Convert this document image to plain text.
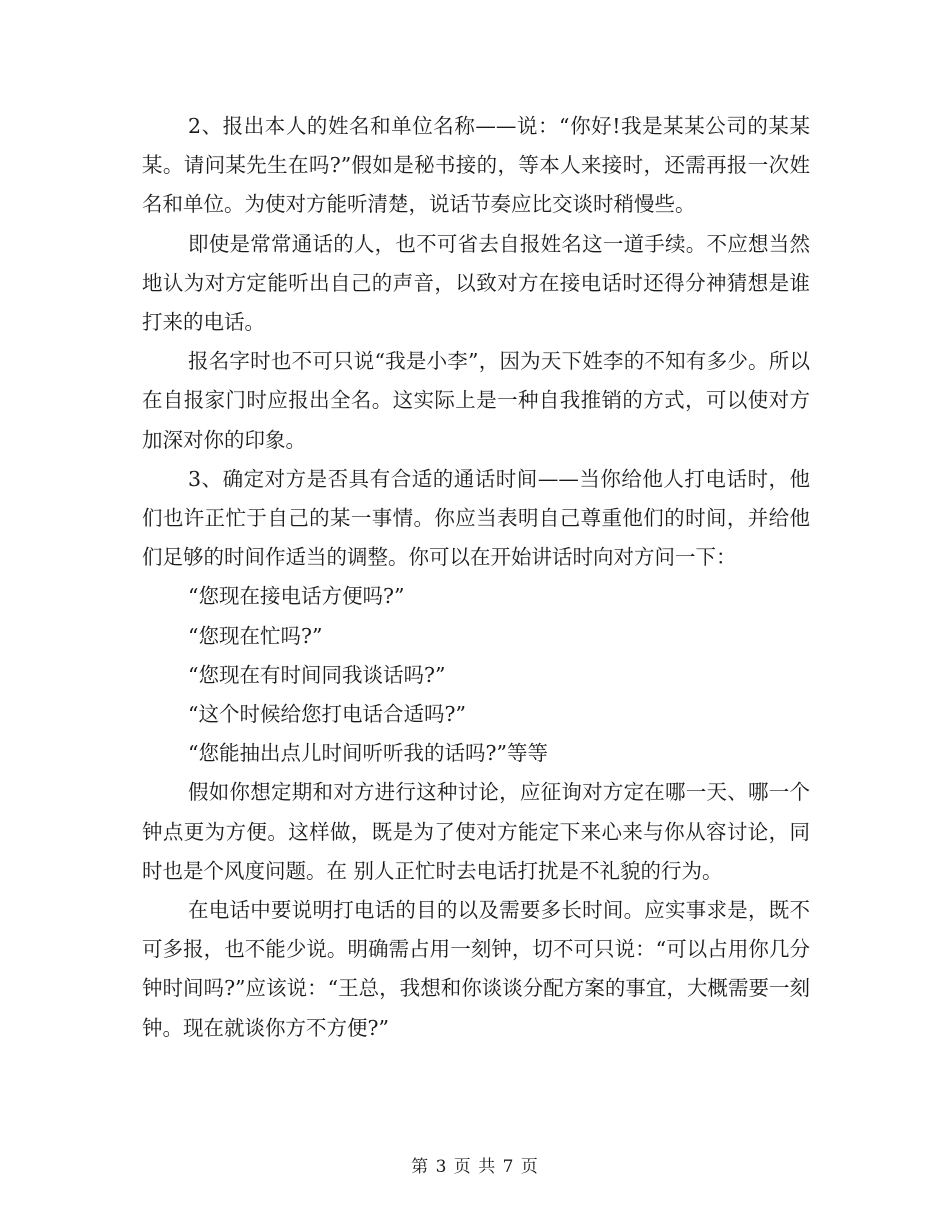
2、报出本人的姓名和单位名称——说：“你好!我是某某公司的某某某。请问某先生在吗?”假如是秘书接的，等本人来接时，还需再报一次姓名和单位。为使对方能听清楚，说话节奏应比交谈时稍慢些。

即使是常常通话的人，也不可省去自报姓名这一道手续。不应想当然地认为对方定能听出自己的声音，以致对方在接电话时还得分神猜想是谁打来的电话。

报名字时也不可只说“我是小李”，因为天下姓李的不知有多少。所以在自报家门时应报出全名。这实际上是一种自我推销的方式，可以使对方加深对你的印象。

3、确定对方是否具有合适的通话时间——当你给他人打电话时，他们也许正忙于自己的某一事情。你应当表明自己尊重他们的时间，并给他们足够的时间作适当的调整。你可以在开始讲话时向对方问一下：

“您现在接电话方便吗?”

“您现在忙吗?”

“您现在有时间同我谈话吗?”

“这个时候给您打电话合适吗?”

“您能抽出点儿时间听听我的话吗?”等等

假如你想定期和对方进行这种讨论，应征询对方定在哪一天、哪一个钟点更为方便。这样做，既是为了使对方能定下来心来与你从容讨论，同时也是个风度问题。在 别人正忙时去电话打扰是不礼貌的行为。

在电话中要说明打电话的目的以及需要多长时间。应实事求是，既不可多报，也不能少说。明确需占用一刻钟，切不可只说：“可以占用你几分钟时间吗?”应该说：“王总，我想和你谈谈分配方案的事宜，大概需要一刻钟。现在就谈你方不方便?”

第 3 页 共 7 页
